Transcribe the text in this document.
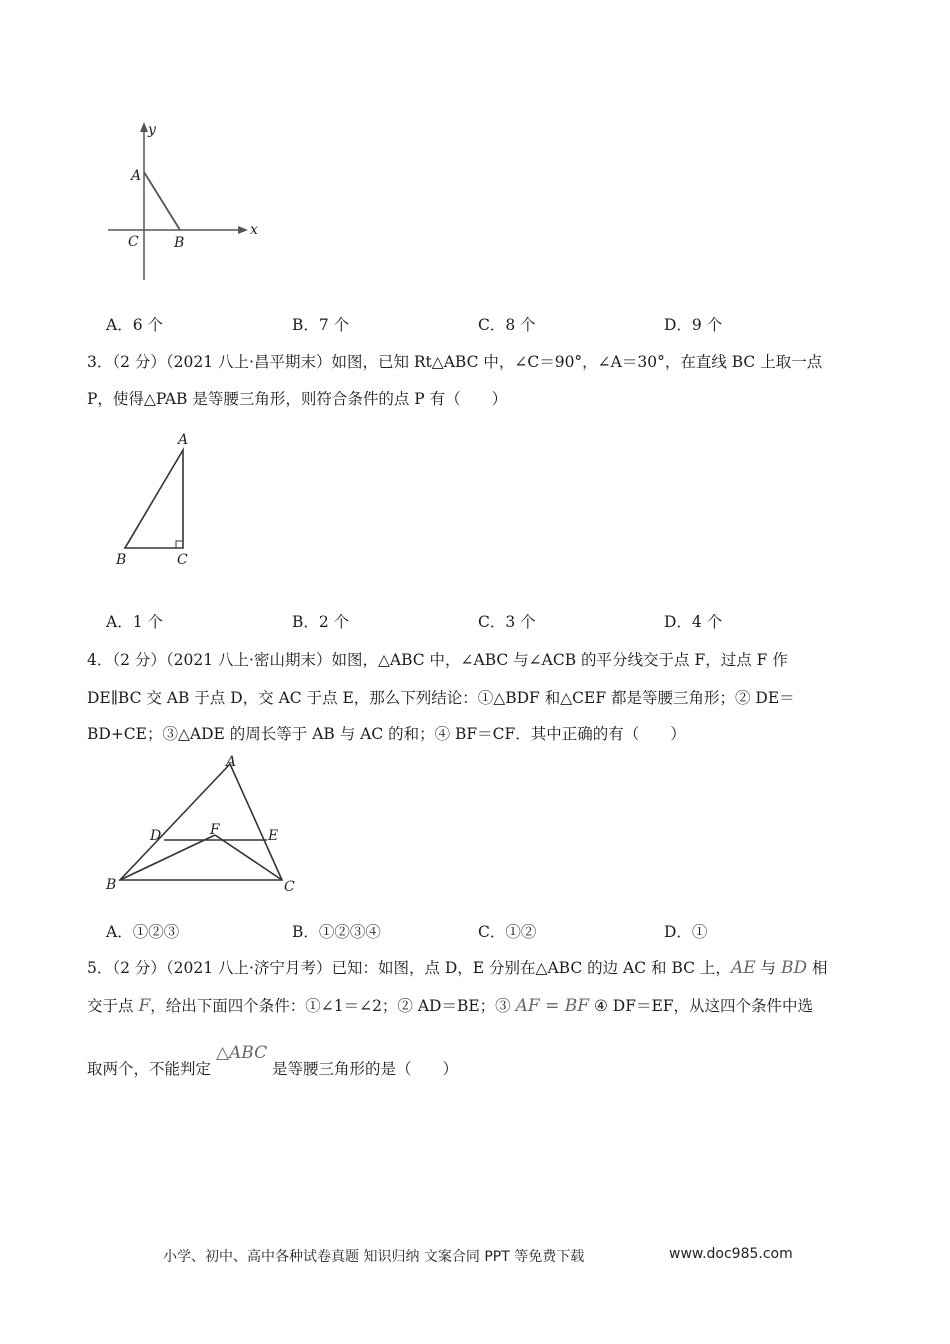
y
x
A
C	B
A．6 个	B．7 个	C．8 个	D．9 个
3．（2 分）（2021 八上·昌平期末）如图，已知 Rt△ABC 中，∠C＝90°，∠A＝30°，在直线 BC 上取一点
P，使得△PAB 是等腰三角形，则符合条件的点 P 有（　　）
A
B	C
A．1 个	B．2 个	C．3 个	D．4 个
4．（2 分）（2021 八上·密山期末）如图，△ABC 中，∠ABC 与∠ACB 的平分线交于点 F，过点 F 作
DE∥BC 交 AB 于点 D，交 AC 于点 E，那么下列结论：①△BDF 和△CEF 都是等腰三角形；② DE＝
BD+CE；③△ADE 的周长等于 AB 与 AC 的和；④ BF＝CF．其中正确的有（　　）
A
D	F	E
B	C
A．①②③	B．①②③④	C．①②	D．①
5．（2 分）（2021 八上·济宁月考）已知：如图，点 D，E 分别在△ABC 的边 AC 和 BC 上，AE 与 BD 相
交于点 F，给出下面四个条件：①∠1＝∠2；② AD＝BE；③ AF = BF ④ DF＝EF，从这四个条件中选
取两个，不能判定 △ABC 是等腰三角形的是（　　）
小学、初中、高中各种试卷真题 知识归纳 文案合同 PPT 等免费下载	www.doc985.com
